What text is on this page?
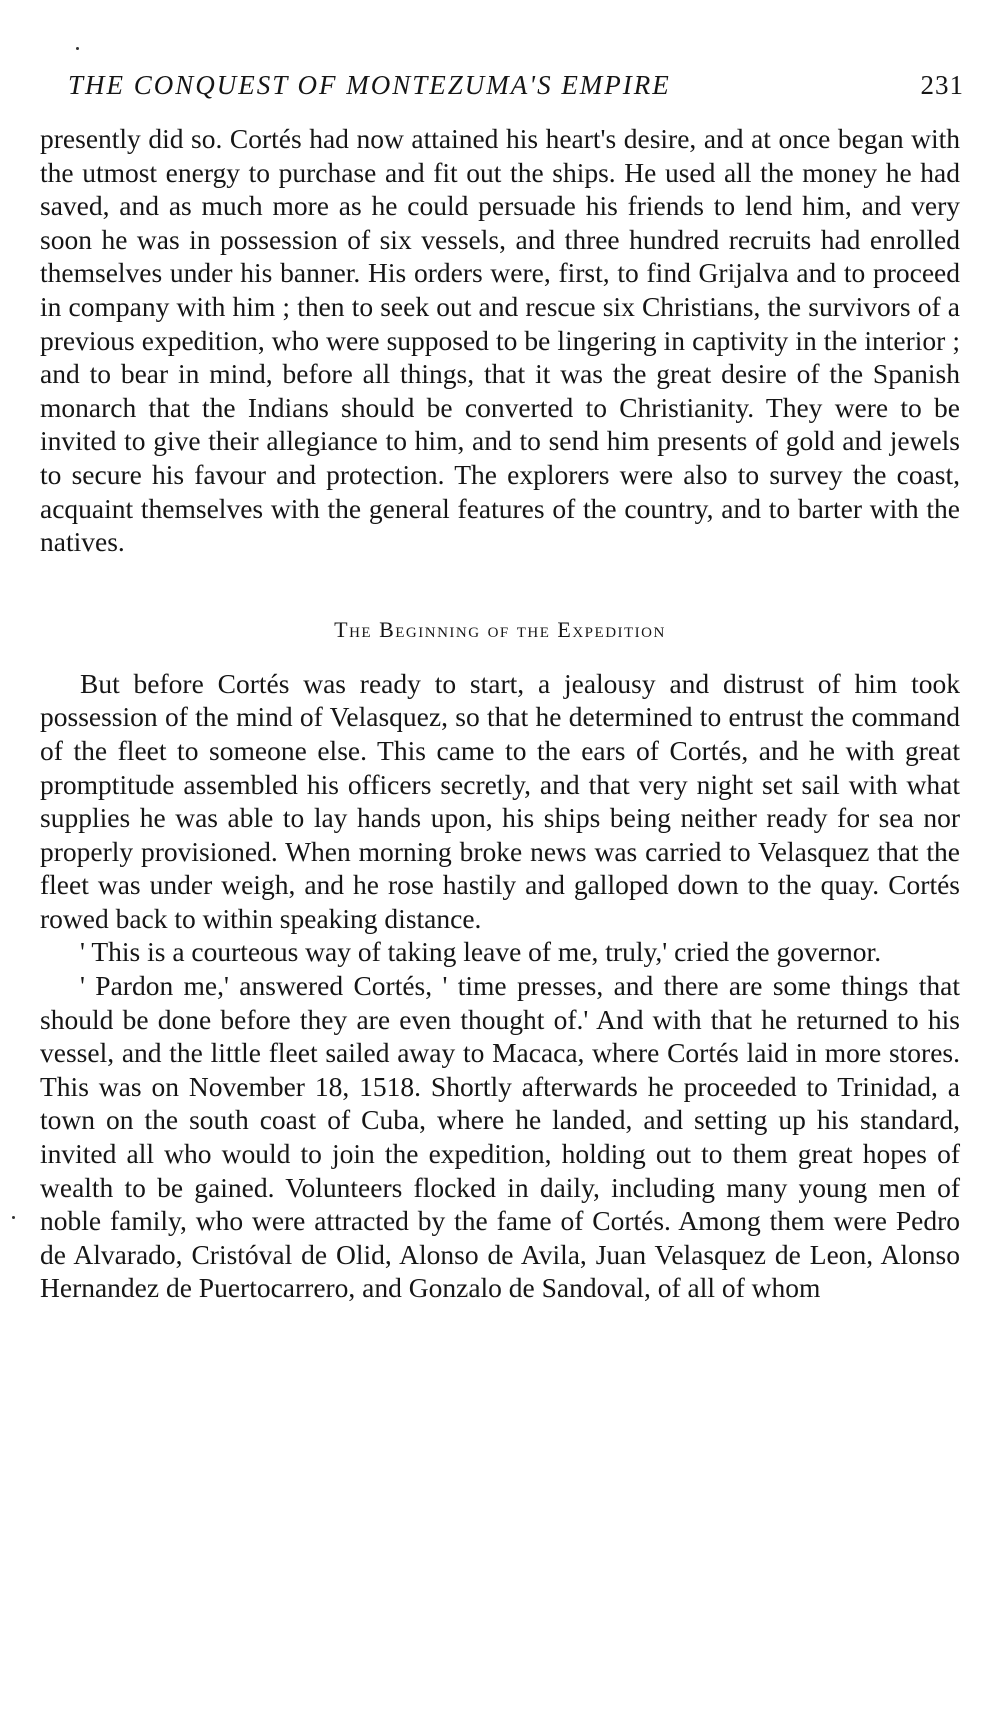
THE CONQUEST OF MONTEZUMA'S EMPIRE	231

presently did so. Cortés had now attained his heart's desire, and at once began with the utmost energy to purchase and fit out the ships. He used all the money he had saved, and as much more as he could persuade his friends to lend him, and very soon he was in possession of six vessels, and three hundred recruits had enrolled themselves under his banner. His orders were, first, to find Grijalva and to proceed in company with him ; then to seek out and rescue six Christians, the survivors of a previous expedition, who were supposed to be lingering in captivity in the interior ; and to bear in mind, before all things, that it was the great desire of the Spanish monarch that the Indians should be converted to Christianity. They were to be invited to give their allegiance to him, and to send him presents of gold and jewels to secure his favour and protection. The explorers were also to survey the coast, acquaint themselves with the general features of the country, and to barter with the natives.

The Beginning of the Expedition

But before Cortés was ready to start, a jealousy and distrust of him took possession of the mind of Velasquez, so that he determined to entrust the command of the fleet to someone else. This came to the ears of Cortés, and he with great promptitude assembled his officers secretly, and that very night set sail with what supplies he was able to lay hands upon, his ships being neither ready for sea nor properly provisioned. When morning broke news was carried to Velasquez that the fleet was under weigh, and he rose hastily and galloped down to the quay. Cortés rowed back to within speaking distance.

' This is a courteous way of taking leave of me, truly,' cried the governor.

' Pardon me,' answered Cortés, ' time presses, and there are some things that should be done before they are even thought of.' And with that he returned to his vessel, and the little fleet sailed away to Macaca, where Cortés laid in more stores. This was on November 18, 1518. Shortly afterwards he proceeded to Trinidad, a town on the south coast of Cuba, where he landed, and setting up his standard, invited all who would to join the expedition, holding out to them great hopes of wealth to be gained. Volunteers flocked in daily, including many young men of noble family, who were attracted by the fame of Cortés. Among them were Pedro de Alvarado, Cristóval de Olid, Alonso de Avila, Juan Velasquez de Leon, Alonso Hernandez de Puertocarrero, and Gonzalo de Sandoval, of all of whom
